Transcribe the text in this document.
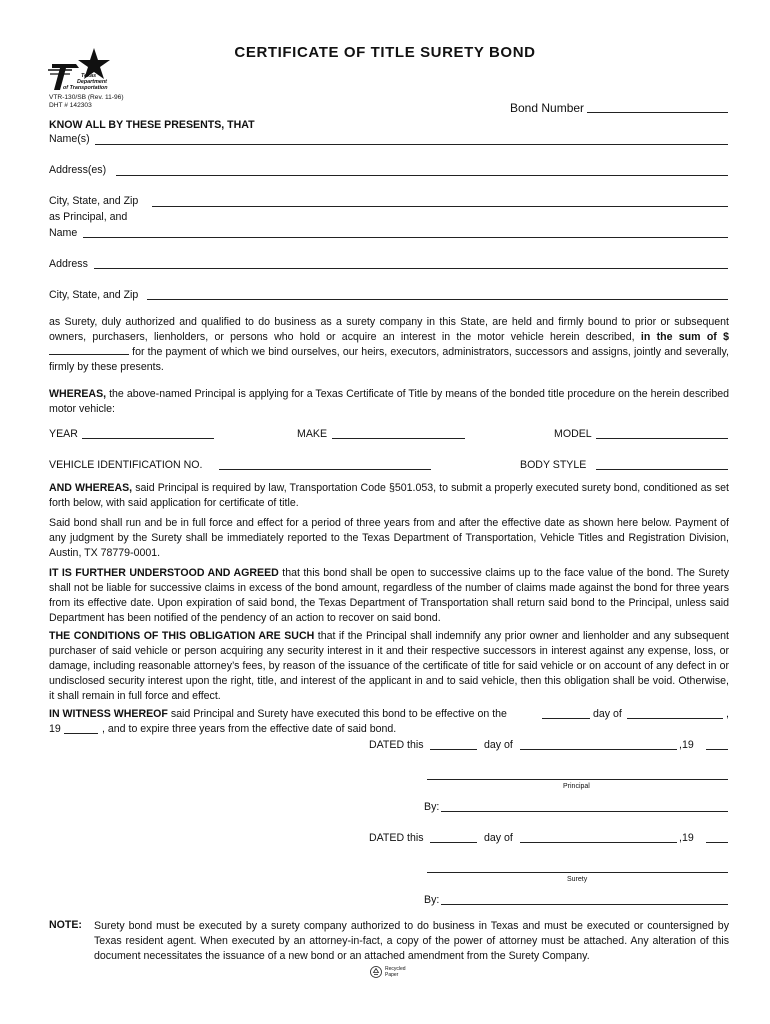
CERTIFICATE OF TITLE SURETY BOND
Texas
Department
of Transportation
VTR-130/SB (Rev. 11-96)
DHT # 142303	Bond Number
KNOW ALL BY THESE PRESENTS, THAT
Name(s)
Address(es)
City, State, and Zip
as Principal, and
Name
Address
City, State, and Zip

as Surety, duly authorized and qualified to do business as a surety company in this State, are held and firmly bound to prior or subsequent owners, purchasers, lienholders, or persons who hold or acquire an interest in the motor vehicle herein described, in the sum of $ for the payment of which we bind ourselves, our heirs, executors, administrators, successors and assigns, jointly and severally, firmly by these presents.

WHEREAS, the above-named Principal is applying for a Texas Certificate of Title by means of the bonded title procedure on the herein described motor vehicle:

YEAR	MAKE	MODEL
VEHICLE IDENTIFICATION NO.	BODY STYLE

AND WHEREAS, said Principal is required by law, Transportation Code §501.053, to submit a properly executed surety bond, conditioned as set forth below, with said application for certificate of title.

Said bond shall run and be in full force and effect for a period of three years from and after the effective date as shown here below. Payment of any judgment by the Surety shall be immediately reported to the Texas Department of Transportation, Vehicle Titles and Registration Division, Austin, TX 78779-0001.

IT IS FURTHER UNDERSTOOD AND AGREED that this bond shall be open to successive claims up to the face value of the bond. The Surety shall not be liable for successive claims in excess of the bond amount, regardless of the number of claims made against the bond for three years from its effective date. Upon expiration of said bond, the Texas Department of Transportation shall return said bond to the Principal, unless said Department has been notified of the pendency of an action to recover on said bond.

THE CONDITIONS OF THIS OBLIGATION ARE SUCH that if the Principal shall indemnify any prior owner and lienholder and any subsequent purchaser of said vehicle or person acquiring any security interest in it and their respective successors in interest against any expense, loss, or damage, including reasonable attorney’s fees, by reason of the issuance of the certificate of title for said vehicle or on account of any defect in or undisclosed security interest upon the right, title, and interest of the applicant in and to said vehicle, then this obligation shall be void. Otherwise, it shall remain in full force and effect.

IN WITNESS WHEREOF said Principal and Surety have executed this bond to be effective on the	day of	,
19	, and to expire three years from the effective date of said bond.
DATED this	day of	,19
Principal
By:
DATED this	day of	,19
Surety
By:
NOTE: Surety bond must be executed by a surety company authorized to do business in Texas and must be executed or countersigned by Texas resident agent. When executed by an attorney-in-fact, a copy of the power of attorney must be attached. Any alteration of this document necessitates the issuance of a new bond or an attached amendment from the Surety Company.

Recycled
Paper
